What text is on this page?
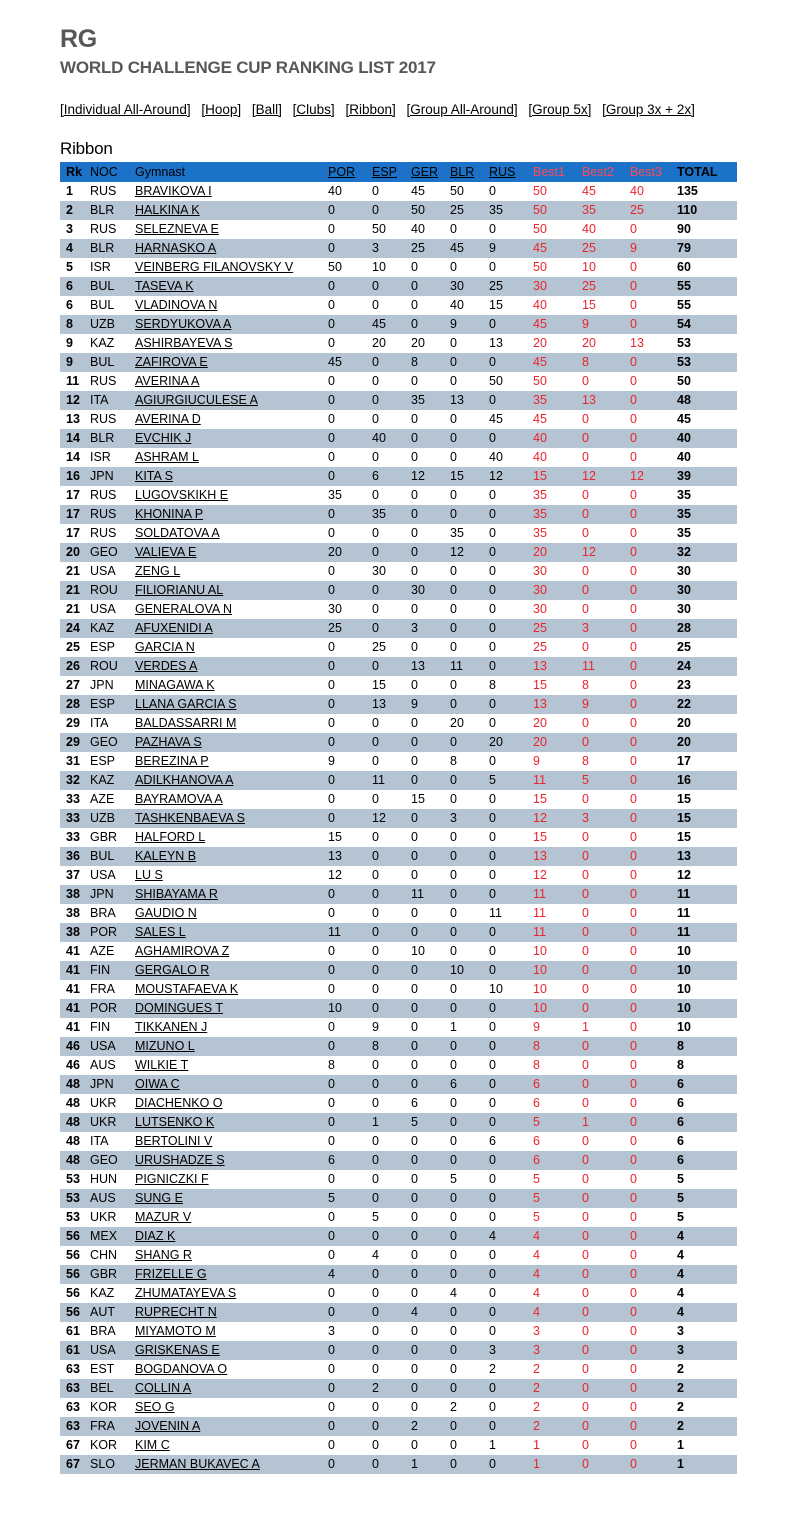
RG
WORLD CHALLENGE CUP RANKING LIST 2017
[Individual All-Around] [Hoop] [Ball] [Clubs] [Ribbon] [Group All-Around] [Group 5x] [Group 3x + 2x]
Ribbon
Rk	NOC	Gymnast	POR	ESP	GER	BLR	RUS	Best1	Best2	Best3	TOTAL
1	RUS	BRAVIKOVA I	40	0	45	50	0	50	45	40	135
2	BLR	HALKINA K	0	0	50	25	35	50	35	25	110
3	RUS	SELEZNEVA E	0	50	40	0	0	50	40	0	90
4	BLR	HARNASKO A	0	3	25	45	9	45	25	9	79
5	ISR	VEINBERG FILANOVSKY V	50	10	0	0	0	50	10	0	60
6	BUL	TASEVA K	0	0	0	30	25	30	25	0	55
6	BUL	VLADINOVA N	0	0	0	40	15	40	15	0	55
8	UZB	SERDYUKOVA A	0	45	0	9	0	45	9	0	54
9	KAZ	ASHIRBAYEVA S	0	20	20	0	13	20	20	13	53
9	BUL	ZAFIROVA E	45	0	8	0	0	45	8	0	53
11	RUS	AVERINA A	0	0	0	0	50	50	0	0	50
12	ITA	AGIURGIUCULESE A	0	0	35	13	0	35	13	0	48
13	RUS	AVERINA D	0	0	0	0	45	45	0	0	45
14	BLR	EVCHIK J	0	40	0	0	0	40	0	0	40
14	ISR	ASHRAM L	0	0	0	0	40	40	0	0	40
16	JPN	KITA S	0	6	12	15	12	15	12	12	39
17	RUS	LUGOVSKIKH E	35	0	0	0	0	35	0	0	35
17	RUS	KHONINA P	0	35	0	0	0	35	0	0	35
17	RUS	SOLDATOVA A	0	0	0	35	0	35	0	0	35
20	GEO	VALIEVA E	20	0	0	12	0	20	12	0	32
21	USA	ZENG L	0	30	0	0	0	30	0	0	30
21	ROU	FILIORIANU AL	0	0	30	0	0	30	0	0	30
21	USA	GENERALOVA N	30	0	0	0	0	30	0	0	30
24	KAZ	AFUXENIDI A	25	0	3	0	0	25	3	0	28
25	ESP	GARCIA N	0	25	0	0	0	25	0	0	25
26	ROU	VERDES A	0	0	13	11	0	13	11	0	24
27	JPN	MINAGAWA K	0	15	0	0	8	15	8	0	23
28	ESP	LLANA GARCIA S	0	13	9	0	0	13	9	0	22
29	ITA	BALDASSARRI M	0	0	0	20	0	20	0	0	20
29	GEO	PAZHAVA S	0	0	0	0	20	20	0	0	20
31	ESP	BEREZINA P	9	0	0	8	0	9	8	0	17
32	KAZ	ADILKHANOVA A	0	11	0	0	5	11	5	0	16
33	AZE	BAYRAMOVA A	0	0	15	0	0	15	0	0	15
33	UZB	TASHKENBAEVA S	0	12	0	3	0	12	3	0	15
33	GBR	HALFORD L	15	0	0	0	0	15	0	0	15
36	BUL	KALEYN B	13	0	0	0	0	13	0	0	13
37	USA	LU S	12	0	0	0	0	12	0	0	12
38	JPN	SHIBAYAMA R	0	0	11	0	0	11	0	0	11
38	BRA	GAUDIO N	0	0	0	0	11	11	0	0	11
38	POR	SALES L	11	0	0	0	0	11	0	0	11
41	AZE	AGHAMIROVA Z	0	0	10	0	0	10	0	0	10
41	FIN	GERGALO R	0	0	0	10	0	10	0	0	10
41	FRA	MOUSTAFAEVA K	0	0	0	0	10	10	0	0	10
41	POR	DOMINGUES T	10	0	0	0	0	10	0	0	10
41	FIN	TIKKANEN J	0	9	0	1	0	9	1	0	10
46	USA	MIZUNO L	0	8	0	0	0	8	0	0	8
46	AUS	WILKIE T	8	0	0	0	0	8	0	0	8
48	JPN	OIWA C	0	0	0	6	0	6	0	0	6
48	UKR	DIACHENKO O	0	0	6	0	0	6	0	0	6
48	UKR	LUTSENKO K	0	1	5	0	0	5	1	0	6
48	ITA	BERTOLINI V	0	0	0	0	6	6	0	0	6
48	GEO	URUSHADZE S	6	0	0	0	0	6	0	0	6
53	HUN	PIGNICZKI F	0	0	0	5	0	5	0	0	5
53	AUS	SUNG E	5	0	0	0	0	5	0	0	5
53	UKR	MAZUR V	0	5	0	0	0	5	0	0	5
56	MEX	DIAZ K	0	0	0	0	4	4	0	0	4
56	CHN	SHANG R	0	4	0	0	0	4	0	0	4
56	GBR	FRIZELLE G	4	0	0	0	0	4	0	0	4
56	KAZ	ZHUMATAYEVA S	0	0	0	4	0	4	0	0	4
56	AUT	RUPRECHT N	0	0	4	0	0	4	0	0	4
61	BRA	MIYAMOTO M	3	0	0	0	0	3	0	0	3
61	USA	GRISKENAS E	0	0	0	0	3	3	0	0	3
63	EST	BOGDANOVA O	0	0	0	0	2	2	0	0	2
63	BEL	COLLIN A	0	2	0	0	0	2	0	0	2
63	KOR	SEO G	0	0	0	2	0	2	0	0	2
63	FRA	JOVENIN A	0	0	2	0	0	2	0	0	2
67	KOR	KIM C	0	0	0	0	1	1	0	0	1
67	SLO	JERMAN BUKAVEC A	0	0	1	0	0	1	0	0	1
